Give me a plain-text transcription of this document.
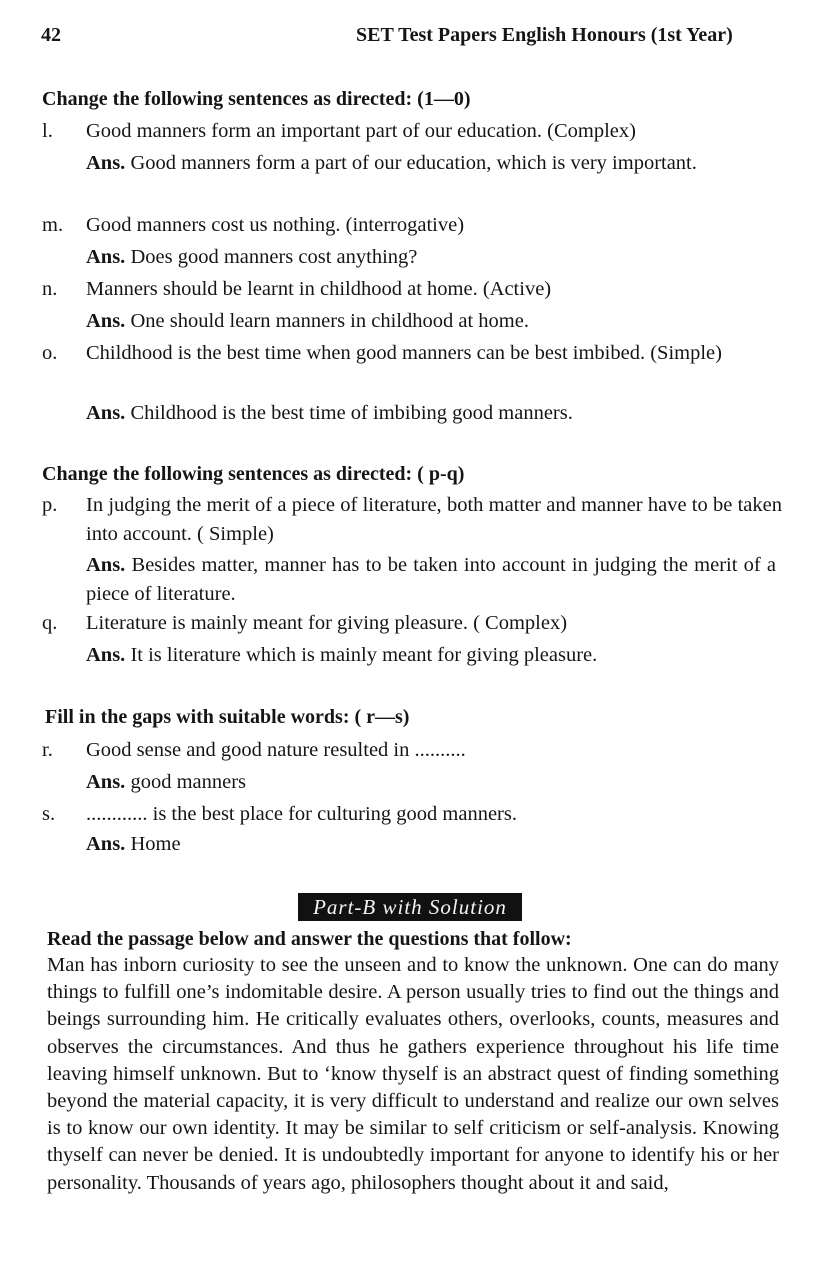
42	SET Test Papers English Honours (1st Year)
Change the following sentences as directed: (1—0)
l. Good manners form an important part of our education. (Complex)
Ans. Good manners form a part of our education, which is very important.
m. Good manners cost us nothing. (interrogative)
Ans. Does good manners cost anything?
n. Manners should be learnt in childhood at home. (Active)
Ans. One should learn manners in childhood at home.
o. Childhood is the best time when good manners can be best imbibed. (Simple)
Ans. Childhood is the best time of imbibing good manners.
Change the following sentences as directed: ( p-q)
p. In judging the merit of a piece of literature, both matter and manner have to be taken into account. ( Simple)
Ans. Besides matter, manner has to be taken into account in judging the merit of a piece of literature.
q. Literature is mainly meant for giving pleasure. ( Complex)
Ans. It is literature which is mainly meant for giving pleasure.
Fill in the gaps with suitable words: ( r—s)
r. Good sense and good nature resulted in ..........
Ans. good manners
s. ............ is the best place for culturing good manners.
Ans. Home
Part-B with Solution
Read the passage below and answer the questions that follow:

Man has inborn curiosity to see the unseen and to know the unknown. One can do many things to fulfill one’s indomitable desire. A person usually tries to find out the things and beings surrounding him. He critically evaluates others, overlooks, counts, measures and observes the circumstances. And thus he gathers experience throughout his life time leaving himself unknown. But to ‘know thyself is an abstract quest of finding something beyond the material capacity, it is very difficult to understand and realize our own selves is to know our own identity. It may be similar to self criticism or self-analysis. Knowing thyself can never be denied. It is undoubtedly important for anyone to identify his or her personality. Thousands of years ago, philosophers thought about it and said,
